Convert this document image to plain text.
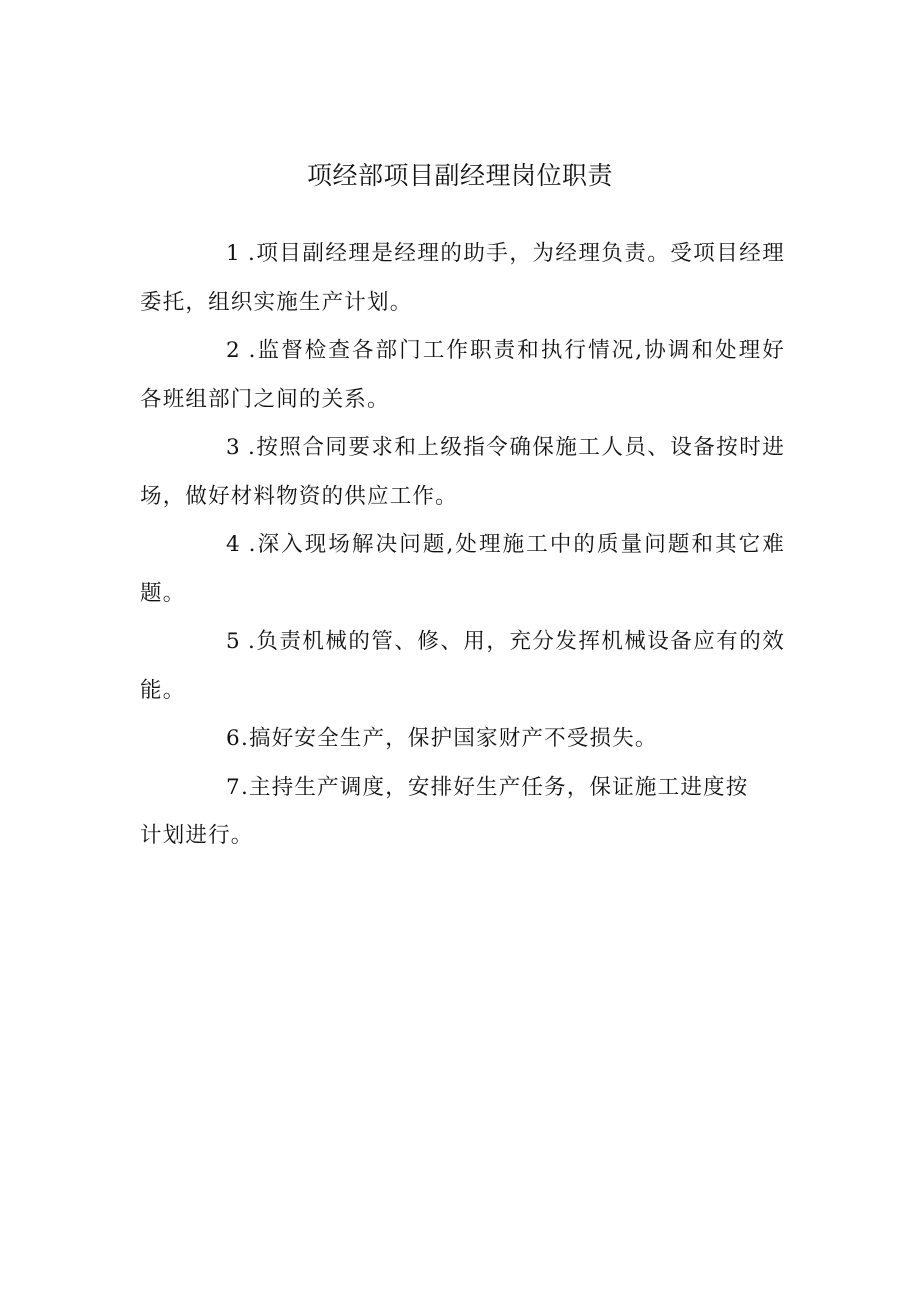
项经部项目副经理岗位职责

1 .项目副经理是经理的助手，为经理负责。受项目经理委托，组织实施生产计划。

2 .监督检查各部门工作职责和执行情况,协调和处理好各班组部门之间的关系。

3 .按照合同要求和上级指令确保施工人员、设备按时进场，做好材料物资的供应工作。

4 .深入现场解决问题,处理施工中的质量问题和其它难题。

5 .负责机械的管、修、用，充分发挥机械设备应有的效能。

6.搞好安全生产，保护国家财产不受损失。

7.主持生产调度，安排好生产任务，保证施工进度按

计划进行。
